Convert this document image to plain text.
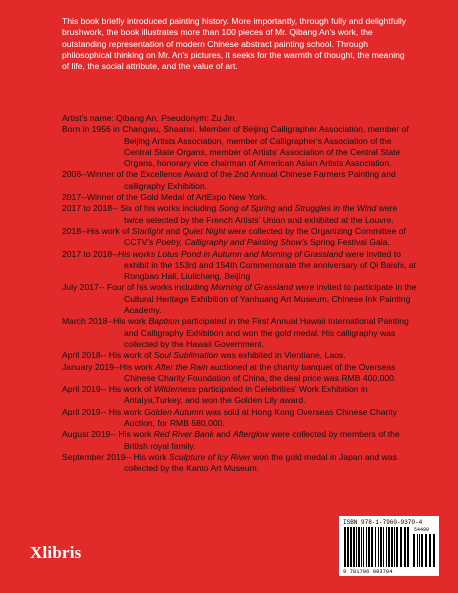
This book briefly introduced painting history. More importantly, through fully and delightfully brushwork, the book illustrates more than 100 pieces of Mr. Qibang An's work, the outstanding representation of modern Chinese abstract painting school. Through philosophical thinking on Mr. An's pictures, it seeks for the warmth of thought, the meaning of life, the social attribute, and the value of art.

Artist's name: Qibang An. Pseudonym: Zu Jin.

Born in 1956 in Changwu, Shaanxi. Member of Beijing Calligrapher Association, member of Beijing Artists Association, member of Calligrapher's Association of the Central State Organs, member of Artists' Association of the Central State Organs, honorary vice chairman of American Asian Artists Association.

2006--Winner of the Excellence Award of the 2nd Annual Chinese Farmers Painting and calligraphy Exhibition.

2017--Winner of the Gold Medal of ArtExpo New York.

2017 to 2018-- Six of his works including Song of Spring and Struggles in the Wind were twice selected by the French Artists' Union and exhibited at the Louvre.

2018--His work of Starlight and Quiet Night were collected by the Organizing Committee of CCTV's Poetry, Calligraphy and Painting Show's Spring Festival Gala.

2017 to 2018--His works Lotus Pond in Autumn and Morning of Grassland were invited to exhibit in the 153rd and 154th Commemorate the anniversary of Qi Baishi, at Rongbao Hall, Liulichang, Beijing

July 2017-- Four of his works including Morning of Grassland were invited to participate in the Cultural Heritage Exhibition of Yanhuang Art Museum, Chinese Ink Painting Academy.

March 2018--His work Baptism participated in the First Annual Hawaii International Painting and Calligraphy Exhibition and won the gold medal. His calligraphy was collected by the Hawaii Government.

April 2018-- His work of Soul Sublimation was exhibited in Vientiane, Laos.

January 2019--His work After the Rain auctioned at the charity banquet of the Overseas Chinese Charity Foundation of China, the deal price was RMB 400,000.

April 2019-- His work of Wilderness participated in Celebrities' Work Exhibition in Antalya,Turkey, and won the Golden Lily award.

April 2019-- His work Golden Autumn was sold at Hong Kong Overseas Chinese Charity Auction, for RMB 580,000.

August 2019-- His work Red River Bank and Afterglow were collected by members of the British royal family.

September 2019-- His work Sculpture of Icy River won the gold medal in Japan and was collected by the Kanto Art Museum.

Xlibris
ISBN 978-1-7960-9370-4
54499
9 781796 093704
